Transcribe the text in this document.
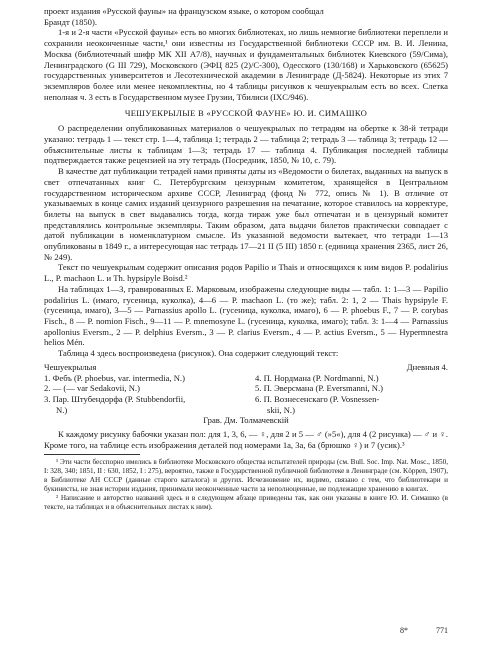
проект издания «Русской фауны» на французском языке, о котором сообщал

Брандт (1850).

1-я и 2-я части «Русской фауны» есть во многих библиотеках, но лишь немногие библиотеки переплели и сохранили неоконченные части,¹ они известны из Государственной библиотеки СССР им. В. И. Ленина, Москва (библиотечный шифр МК XII А7/8), научных и фундаментальных библиотек Киевского (59/Сима), Ленинградского (G III 729), Московского (ЭФЦ 825 (2)/С-300), Одесского (130/168) и Харьковского (65625) государственных университетов и Лесотехнической академии в Ленинграде (Д-5824). Некоторые из этих 7 экземпляров более или менее некомплектны, но 4 таблицы рисунков к чешуекрылым есть во всех. Слетка неполная ч. 3 есть в Государственном музее Грузии, Тбилиси (IXC/946).

ЧЕШУЕКРЫЛЫЕ В «РУССКОЙ ФАУНЕ» Ю. И. СИМАШКО

О распределении опубликованных материалов о чешуекрылых по тетрадям на обертке к 38-й тетради указано: тетрадь 1 — текст стр. 1—4, таблица 1; тетрадь 2 — таблица 2; тетрадь 3 — таблица 3; тетрадь 12 — объяснительные листы к таблицам 1—3; тетрадь 17 — таблица 4. Публикация последней таблицы подтверждается также рецензией на эту тетрадь (Посредник, 1850, № 10, с. 79).

В качестве дат публикации тетрадей нами приняты даты из «Ведомости о билетах, выданных на выпуск в свет отпечатанных книг С. Петербургским цензурным комитетом, хранящейся в Центральном государственном историческом архиве СССР, Ленинград (фонд № 772, опись № 1). В отличие от указываемых в конце самих изданий цензурного разрешения на печатание, которое ставилось на корректуре, билеты на выпуск в свет выдавались тогда, когда тираж уже был отпечатан и в цензурный комитет представлялись контрольные экземпляры. Таким образом, дата выдачи билетов практически совпадает с датой публикации в номенклатурном смысле. Из указанной ведомости вытекает, что тетради 1—13 опубликованы в 1849 г., а интересующая нас тетрадь 17—21 II (5 III) 1850 г. (единица хранения 2365, лист 26, № 249).

Текст по чешуекрылым содержит описания родов Papilio и Thais и относящихся к ним видов P. podalirius L., P. machaon L. и Th. hypsipyle Boisd.²

На таблицах 1—3, гравированных Е. Марковым, изображены следующие виды — табл. 1: 1—3 — Papilio podalirius L. (имаго, гусеница, куколка), 4—6 — P. machaon L. (то же); табл. 2: 1, 2 — Thais hypsipyle F. (гусеница, имаго), 3—5 — Parnassius apollo L. (гусеница, куколка, имаго), 6 — P. phoebus F., 7 — P. corybas Fisch., 8 — P. nomion Fisch., 9—11 — P. mnemosyne L. (гусеница, куколка, имаго); табл. 3: 1—4 — Parnassius apollonius Eversm., 2 — P. delphius Eversm., 3 — P. clarius Eversm., 4 — P. actius Eversm., 5 — Hypermnestra helios Mén.

Таблица 4 здесь воспроизведена (рисунок). Она содержит следующий текст:

Чешуекрылыя
1. Фебъ (P. phoebus, var. intermedia, N.)
2. — (— var Sedakovii, N.)
3. Пар. Штубендорфа (P. Stubbendorfii,
N.)
Дневныя 4.
4. П. Нордмана (P. Nordmanni, N.)
5. П. Эверсмана (P. Eversmanni, N.)
6. П. Вознесенскаго (P. Vosnessen-
skii, N.)
Грав. Дм. Толмачевскій

К каждому рисунку бабочки указан пол: для 1, 3, 6, — ♀, для 2 и 5 — ♂ (»5«), для 4 (2 рисунка) — ♂ и ♀. Кроме того, на таблице есть изображения деталей под номерами 1а, 3а, 6а (брюшко ♀) и 7 (усик).³

¹ Эти части бесспорно имелись в библиотеке Московского общества испытателей природы (см. Bull. Soc. Imp. Nat. Mosc., 1850, I: 328, 340; 1851, II : 630, 1852, I : 275), вероятно, также в Государственной публичной библиотеке в Ленинграде (см. Köppen, 1907), в Библиотеке АН СССР (данные старого каталога) и других. Исчезновение их, видимо, связано с тем, что библиотекари и букинисты, не зная истории издания, принимали неоконченные части за неполноценные, не подлежащие хранению в книгах.

² Написание и авторство названий здесь и в следующем абзаце приведены так, как они указаны в книге Ю. И. Симашко (в тексте, на таблицах и в объяснительных листах к ним).

8*	771
